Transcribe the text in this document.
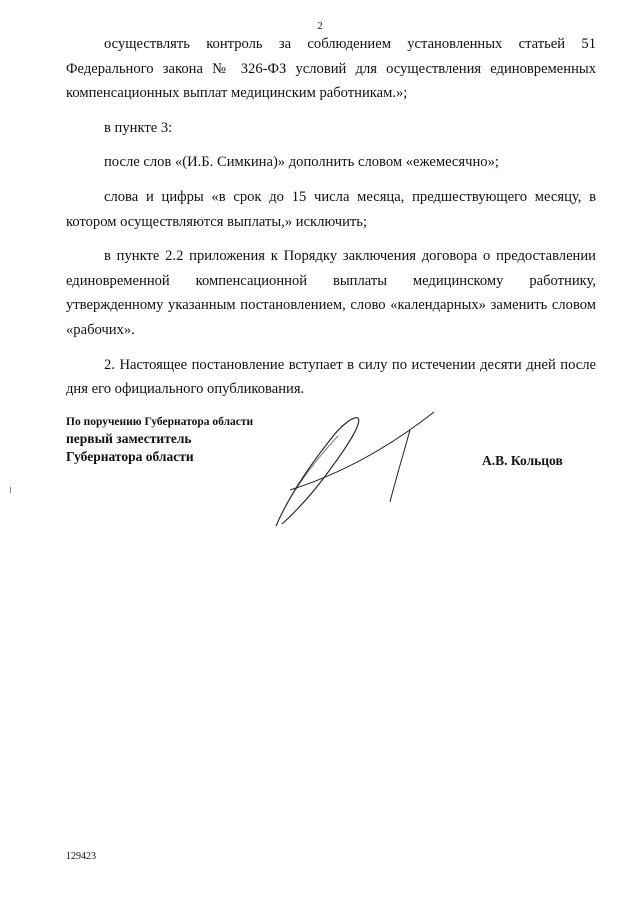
2

осуществлять контроль за соблюдением установленных статьей 51 Федерального закона № 326-ФЗ условий для осуществления единовременных компенсационных выплат медицинским работникам.»;

в пункте 3:

после слов «(И.Б. Симкина)» дополнить словом «ежемесячно»;

слова и цифры «в срок до 15 числа месяца, предшествующего месяцу, в котором осуществляются выплаты,» исключить;

в пункте 2.2 приложения к Порядку заключения договора о предоставлении единовременной компенсационной выплаты медицинскому работнику, утвержденному указанным постановлением, слово «календарных» заменить словом «рабочих».

2. Настоящее постановление вступает в силу по истечении десяти дней после дня его официального опубликования.

По поручению Губернатора области
первый заместитель
Губернатора области	А.В. Кольцов
129423
